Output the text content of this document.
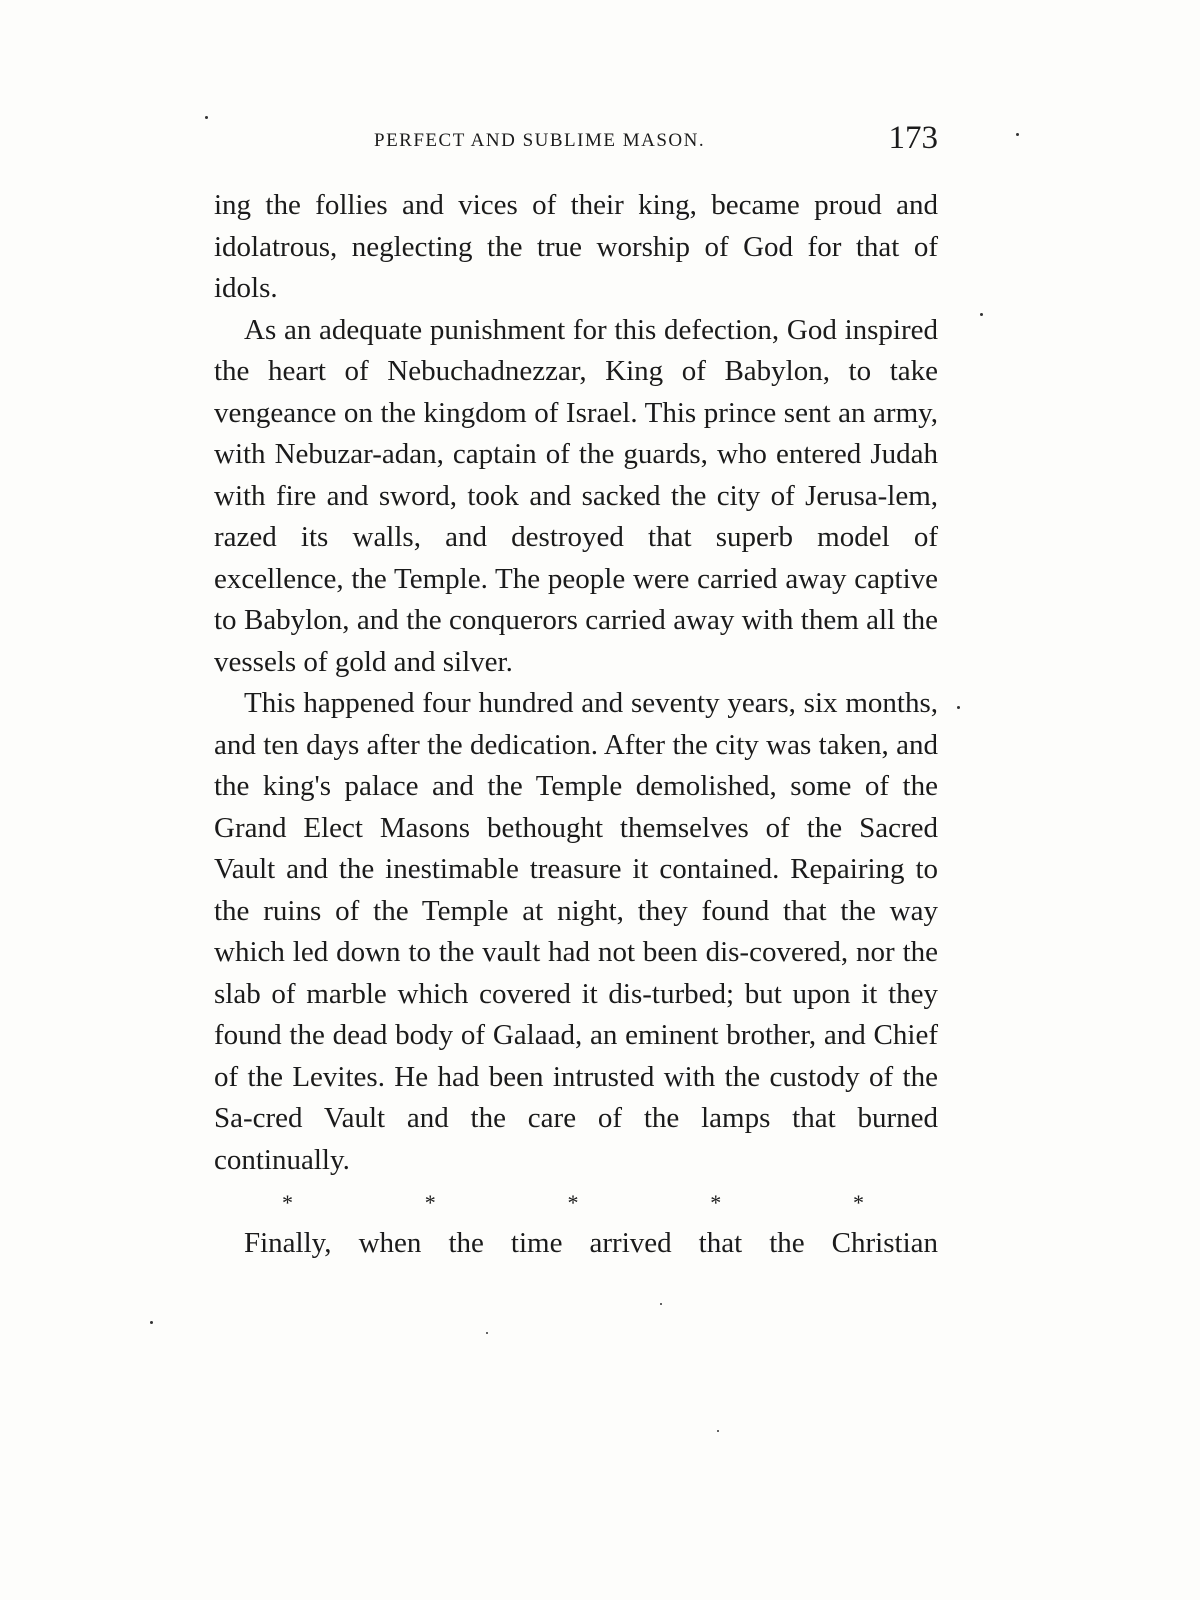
PERFECT AND SUBLIME MASON.	173

ing the follies and vices of their king, became proud and idolatrous, neglecting the true worship of God for that of idols.

As an adequate punishment for this defection, God inspired the heart of Nebuchadnezzar, King of Babylon, to take vengeance on the kingdom of Israel. This prince sent an army, with Nebuzar-adan, captain of the guards, who entered Judah with fire and sword, took and sacked the city of Jerusa-lem, razed its walls, and destroyed that superb model of excellence, the Temple. The people were carried away captive to Babylon, and the conquerors carried away with them all the vessels of gold and silver.

This happened four hundred and seventy years, six months, and ten days after the dedication. After the city was taken, and the king's palace and the Temple demolished, some of the Grand Elect Masons bethought themselves of the Sacred Vault and the inestimable treasure it contained. Repairing to the ruins of the Temple at night, they found that the way which led down to the vault had not been dis-covered, nor the slab of marble which covered it dis-turbed; but upon it they found the dead body of Galaad, an eminent brother, and Chief of the Levites. He had been intrusted with the custody of the Sa-cred Vault and the care of the lamps that burned continually.

*	*	*	*	*

Finally, when the time arrived that the Christian
